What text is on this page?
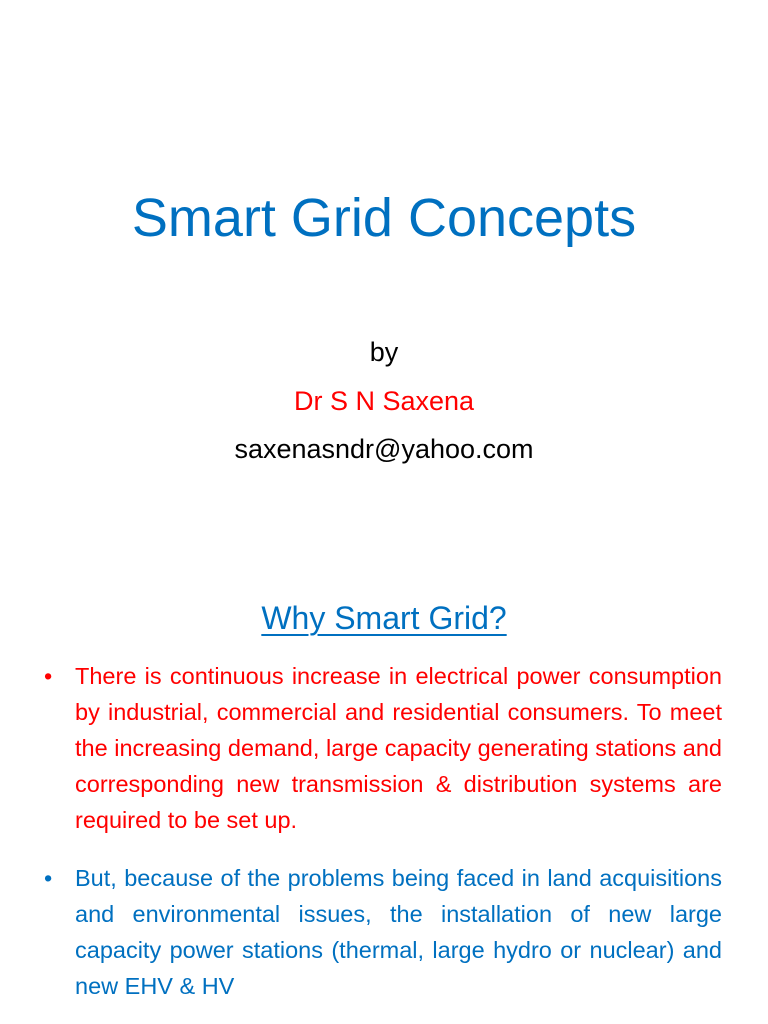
Smart Grid Concepts
by
Dr S N Saxena
saxenasndr@yahoo.com
Why Smart Grid?
• There is continuous increase in electrical power consumption by industrial, commercial and residential consumers. To meet the increasing demand, large capacity generating stations and corresponding new transmission & distribution systems are required to be set up.
• But, because of the problems being faced in land acquisitions and environmental issues, the installation of new large capacity power stations (thermal, large hydro or nuclear) and new EHV & HV
